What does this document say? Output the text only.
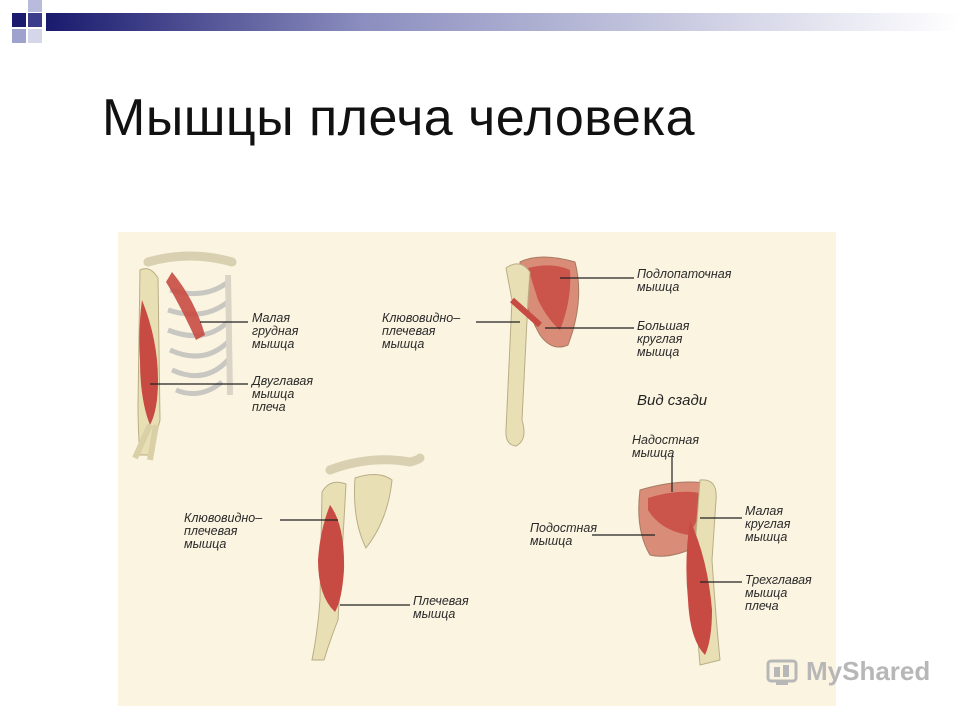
Мышцы плеча человека
Малая
грудная
мышца
Двуглавая
мышца
плеча
Подлопаточная
мышца
Клювовидно–
плечевая
мышца
Большая
круглая
мышца
Вид сзади
Надостная
мышца
Клювовидно–
плечевая
мышца
Малая
круглая
мышца
Подостная
мышца
Плечевая
мышца
Трехглавая
мышца
плеча
MyShared
